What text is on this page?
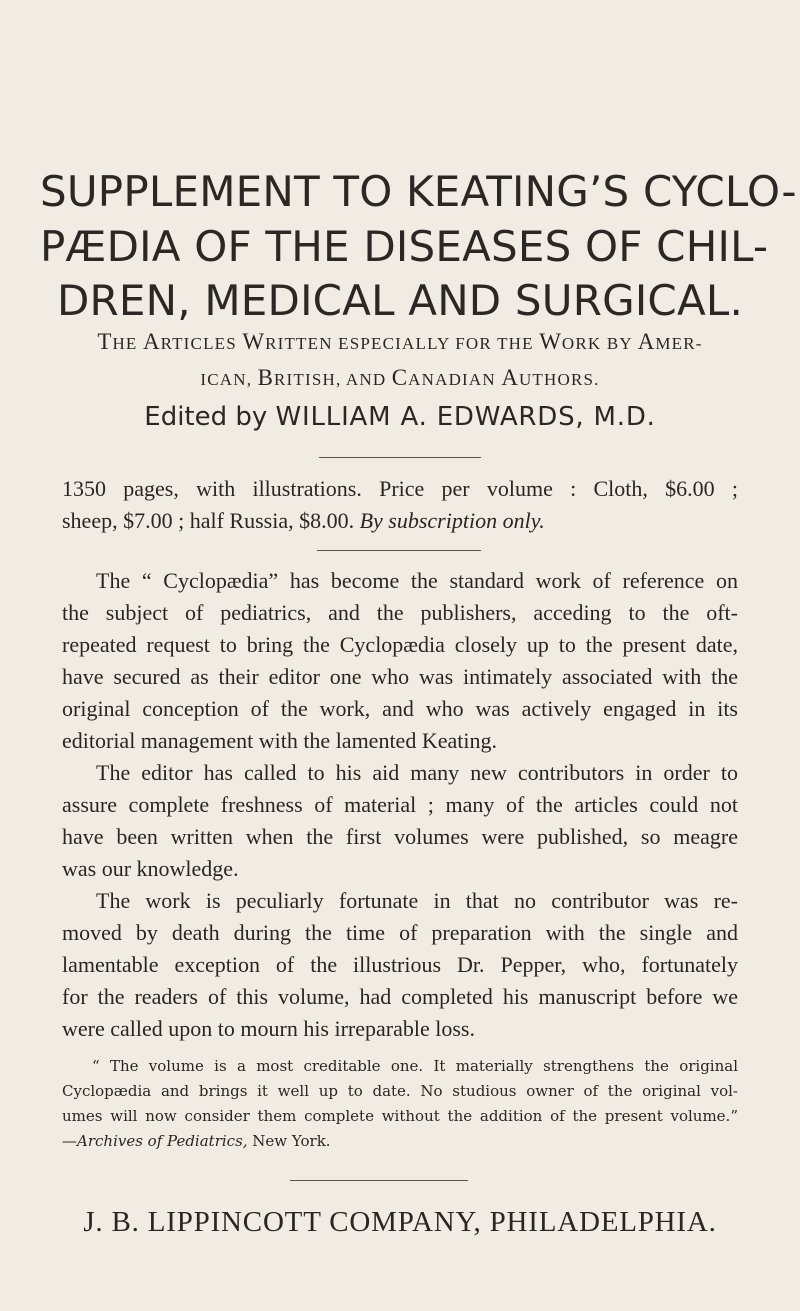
SUPPLEMENT TO KEATING’S CYCLO-
PÆDIA OF THE DISEASES OF CHIL-
DREN, MEDICAL AND SURGICAL.
THE ARTICLES WRITTEN ESPECIALLY FOR THE WORK BY AMER-
ICAN, BRITISH, AND CANADIAN AUTHORS.
Edited by WILLIAM A. EDWARDS, M.D.
1350 pages, with illustrations. Price per volume : Cloth, $6.00 ;
sheep, $7.00 ; half Russia, $8.00. By subscription only.
The “ Cyclopædia” has become the standard work of reference on
the subject of pediatrics, and the publishers, acceding to the oft-
repeated request to bring the Cyclopædia closely up to the present date,
have secured as their editor one who was intimately associated with the
original conception of the work, and who was actively engaged in its
editorial management with the lamented Keating.
The editor has called to his aid many new contributors in order to
assure complete freshness of material ; many of the articles could not
have been written when the first volumes were published, so meagre
was our knowledge.
The work is peculiarly fortunate in that no contributor was re-
moved by death during the time of preparation with the single and
lamentable exception of the illustrious Dr. Pepper, who, fortunately
for the readers of this volume, had completed his manuscript before we
were called upon to mourn his irreparable loss.
“ The volume is a most creditable one. It materially strengthens the original
Cyclopædia and brings it well up to date. No studious owner of the original vol-
umes will now consider them complete without the addition of the present volume.”
—Archives of Pediatrics, New York.
J. B. LIPPINCOTT COMPANY, PHILADELPHIA.
